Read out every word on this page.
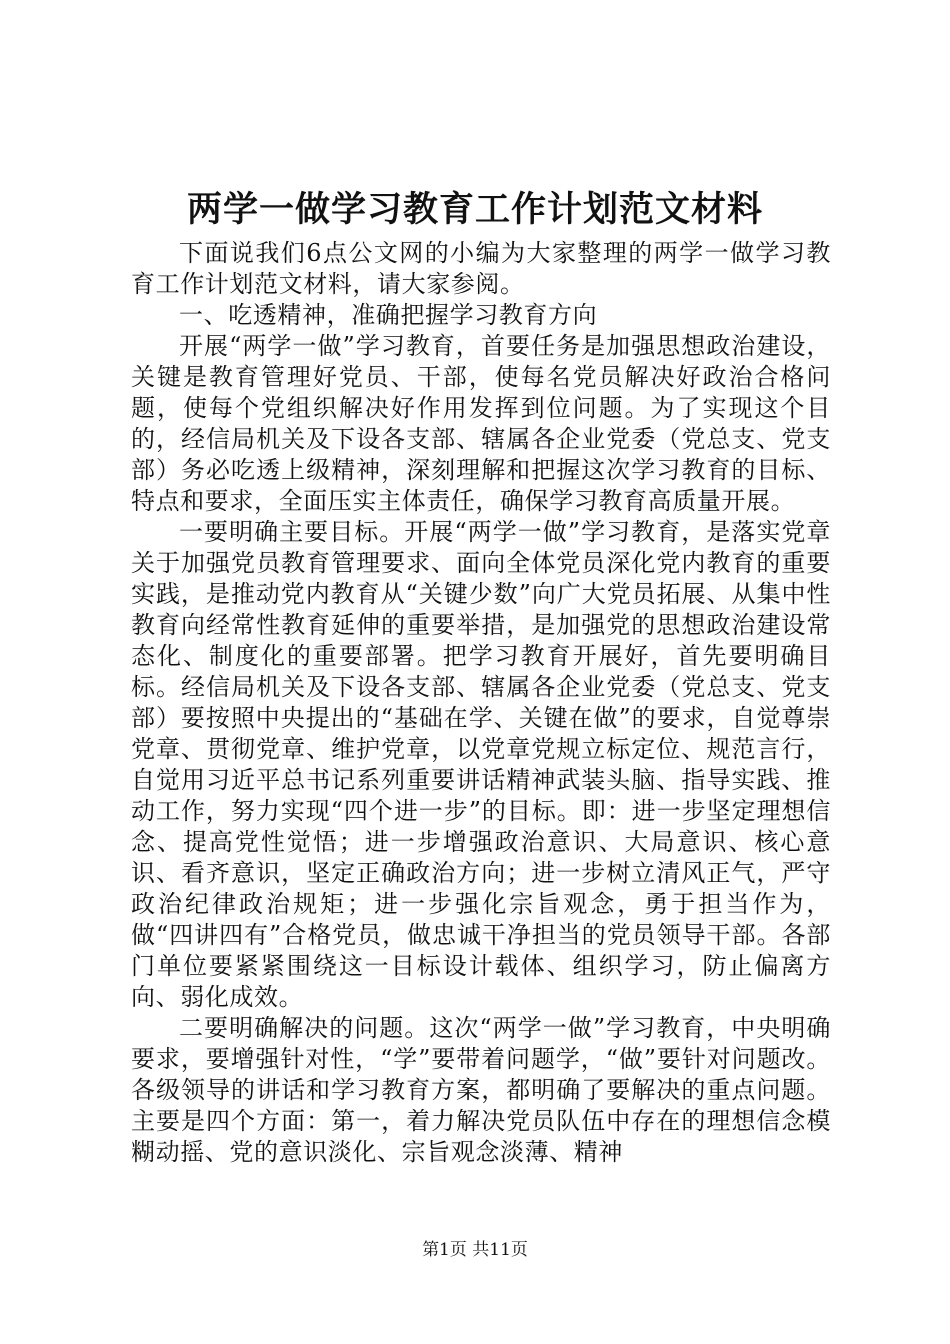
两学一做学习教育工作计划范文材料

下面说我们6点公文网的小编为大家整理的两学一做学习教育工作计划范文材料，请大家参阅。

一、吃透精神，准确把握学习教育方向

开展“两学一做”学习教育，首要任务是加强思想政治建设，关键是教育管理好党员、干部，使每名党员解决好政治合格问题，使每个党组织解决好作用发挥到位问题。为了实现这个目的，经信局机关及下设各支部、辖属各企业党委（党总支、党支部）务必吃透上级精神，深刻理解和把握这次学习教育的目标、特点和要求，全面压实主体责任，确保学习教育高质量开展。

一要明确主要目标。开展“两学一做”学习教育，是落实党章关于加强党员教育管理要求、面向全体党员深化党内教育的重要实践，是推动党内教育从“关键少数”向广大党员拓展、从集中性教育向经常性教育延伸的重要举措，是加强党的思想政治建设常态化、制度化的重要部署。把学习教育开展好，首先要明确目标。经信局机关及下设各支部、辖属各企业党委（党总支、党支部）要按照中央提出的“基础在学、关键在做”的要求，自觉尊崇党章、贯彻党章、维护党章，以党章党规立标定位、规范言行，自觉用习近平总书记系列重要讲话精神武装头脑、指导实践、推动工作，努力实现“四个进一步”的目标。即：进一步坚定理想信念、提高党性觉悟；进一步增强政治意识、大局意识、核心意识、看齐意识，坚定正确政治方向；进一步树立清风正气，严守政治纪律政治规矩；进一步强化宗旨观念，勇于担当作为，做“四讲四有”合格党员，做忠诚干净担当的党员领导干部。各部门单位要紧紧围绕这一目标设计载体、组织学习，防止偏离方向、弱化成效。

二要明确解决的问题。这次“两学一做”学习教育，中央明确要求，要增强针对性，“学”要带着问题学，“做”要针对问题改。各级领导的讲话和学习教育方案，都明确了要解决的重点问题。主要是四个方面：第一，着力解决党员队伍中存在的理想信念模糊动摇、党的意识淡化、宗旨观念淡薄、精神

第1页 共11页
